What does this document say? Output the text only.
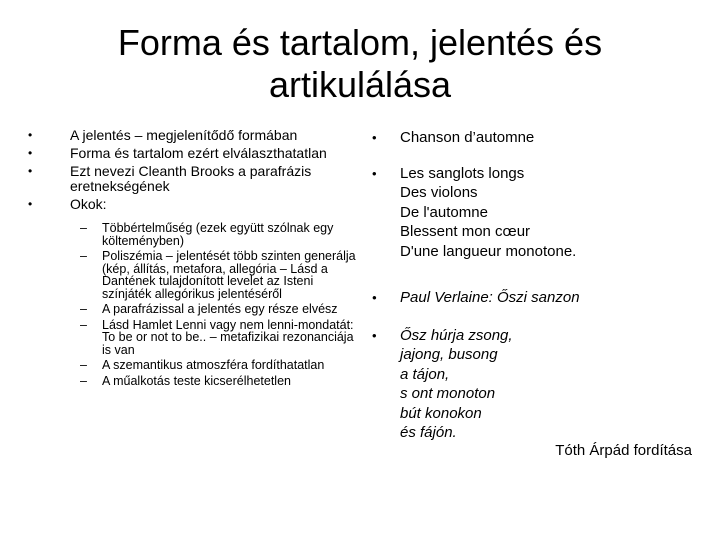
Forma és tartalom, jelentés és
artikulálása
• A jelentés – megjelenítődő formában
• Forma és tartalom ezért elválaszthatatlan
• Ezt nevezi Cleanth Brooks a parafrázis eretnekségének
• Okok:
– Többértelműség (ezek együtt szólnak egy költeményben)
– Poliszémia – jelentését több szinten generálja (kép, állítás, metafora, allegória – Lásd a Dantének tulajdonított levelet az Isteni színjáték allegórikus jelentéséről
– A parafrázissal a jelentés egy része elvész
– Lásd Hamlet Lenni vagy nem lenni-mondatát: To be or not to be.. – metafizikai rezonanciája is van
– A szemantikus atmoszféra fordíthatatlan
– A műalkotás teste kicserélhetetlen
• Chanson d’automne
• Les sanglots longs
Des violons
De l'automne
Blessent mon cœur
D'une langueur monotone.
• Paul Verlaine: Őszi sanzon
• Ősz húrja zsong,
jajong, busong
a tájon,
s ont monoton
bút konokon
és fájón.
Tóth Árpád fordítása
